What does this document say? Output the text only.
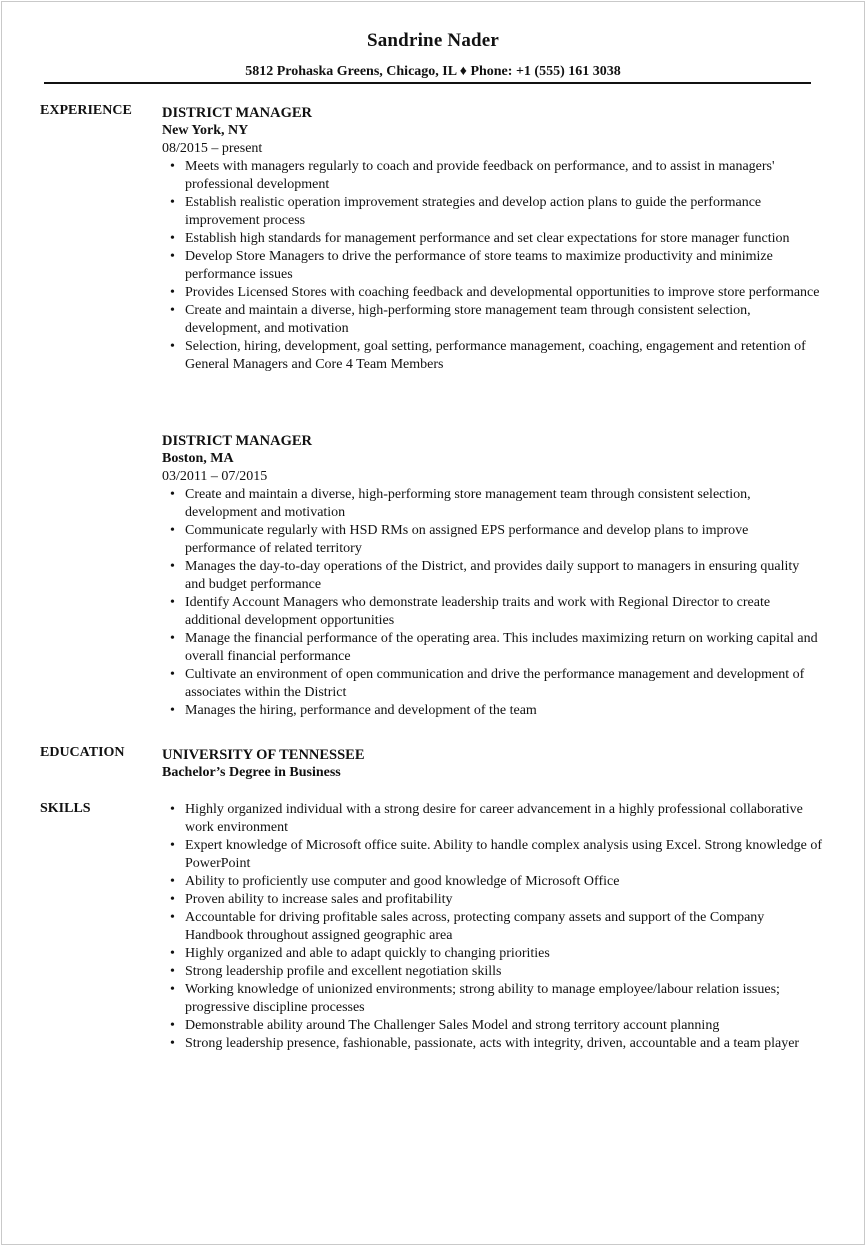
Sandrine Nader
5812 Prohaska Greens, Chicago, IL ♦ Phone: +1 (555) 161 3038
EXPERIENCE DISTRICT MANAGER
New York, NY
08/2015 – present
• Meets with managers regularly to coach and provide feedback on performance, and to assist in managers' professional development
• Establish realistic operation improvement strategies and develop action plans to guide the performance improvement process
• Establish high standards for management performance and set clear expectations for store manager function
• Develop Store Managers to drive the performance of store teams to maximize productivity and minimize performance issues
• Provides Licensed Stores with coaching feedback and developmental opportunities to improve store performance
• Create and maintain a diverse, high-performing store management team through consistent selection, development, and motivation
• Selection, hiring, development, goal setting, performance management, coaching, engagement and retention of General Managers and Core 4 Team Members
DISTRICT MANAGER
Boston, MA
03/2011 – 07/2015
• Create and maintain a diverse, high-performing store management team through consistent selection, development and motivation
• Communicate regularly with HSD RMs on assigned EPS performance and develop plans to improve performance of related territory
• Manages the day-to-day operations of the District, and provides daily support to managers in ensuring quality and budget performance
• Identify Account Managers who demonstrate leadership traits and work with Regional Director to create additional development opportunities
• Manage the financial performance of the operating area. This includes maximizing return on working capital and overall financial performance
• Cultivate an environment of open communication and drive the performance management and development of associates within the District
• Manages the hiring, performance and development of the team
EDUCATION	UNIVERSITY OF TENNESSEE
Bachelor’s Degree in Business
SKILLS
•	Highly organized individual with a strong desire for career advancement in a highly professional collaborative work environment
• Expert knowledge of Microsoft office suite. Ability to handle complex analysis using Excel. Strong knowledge of PowerPoint
• Ability to proficiently use computer and good knowledge of Microsoft Office
• Proven ability to increase sales and profitability
• Accountable for driving profitable sales across, protecting company assets and support of the Company Handbook throughout assigned geographic area
• Highly organized and able to adapt quickly to changing priorities
• Strong leadership profile and excellent negotiation skills
• Working knowledge of unionized environments; strong ability to manage employee/labour relation issues; progressive discipline processes
• Demonstrable ability around The Challenger Sales Model and strong territory account planning
• Strong leadership presence, fashionable, passionate, acts with integrity, driven, accountable and a team player
